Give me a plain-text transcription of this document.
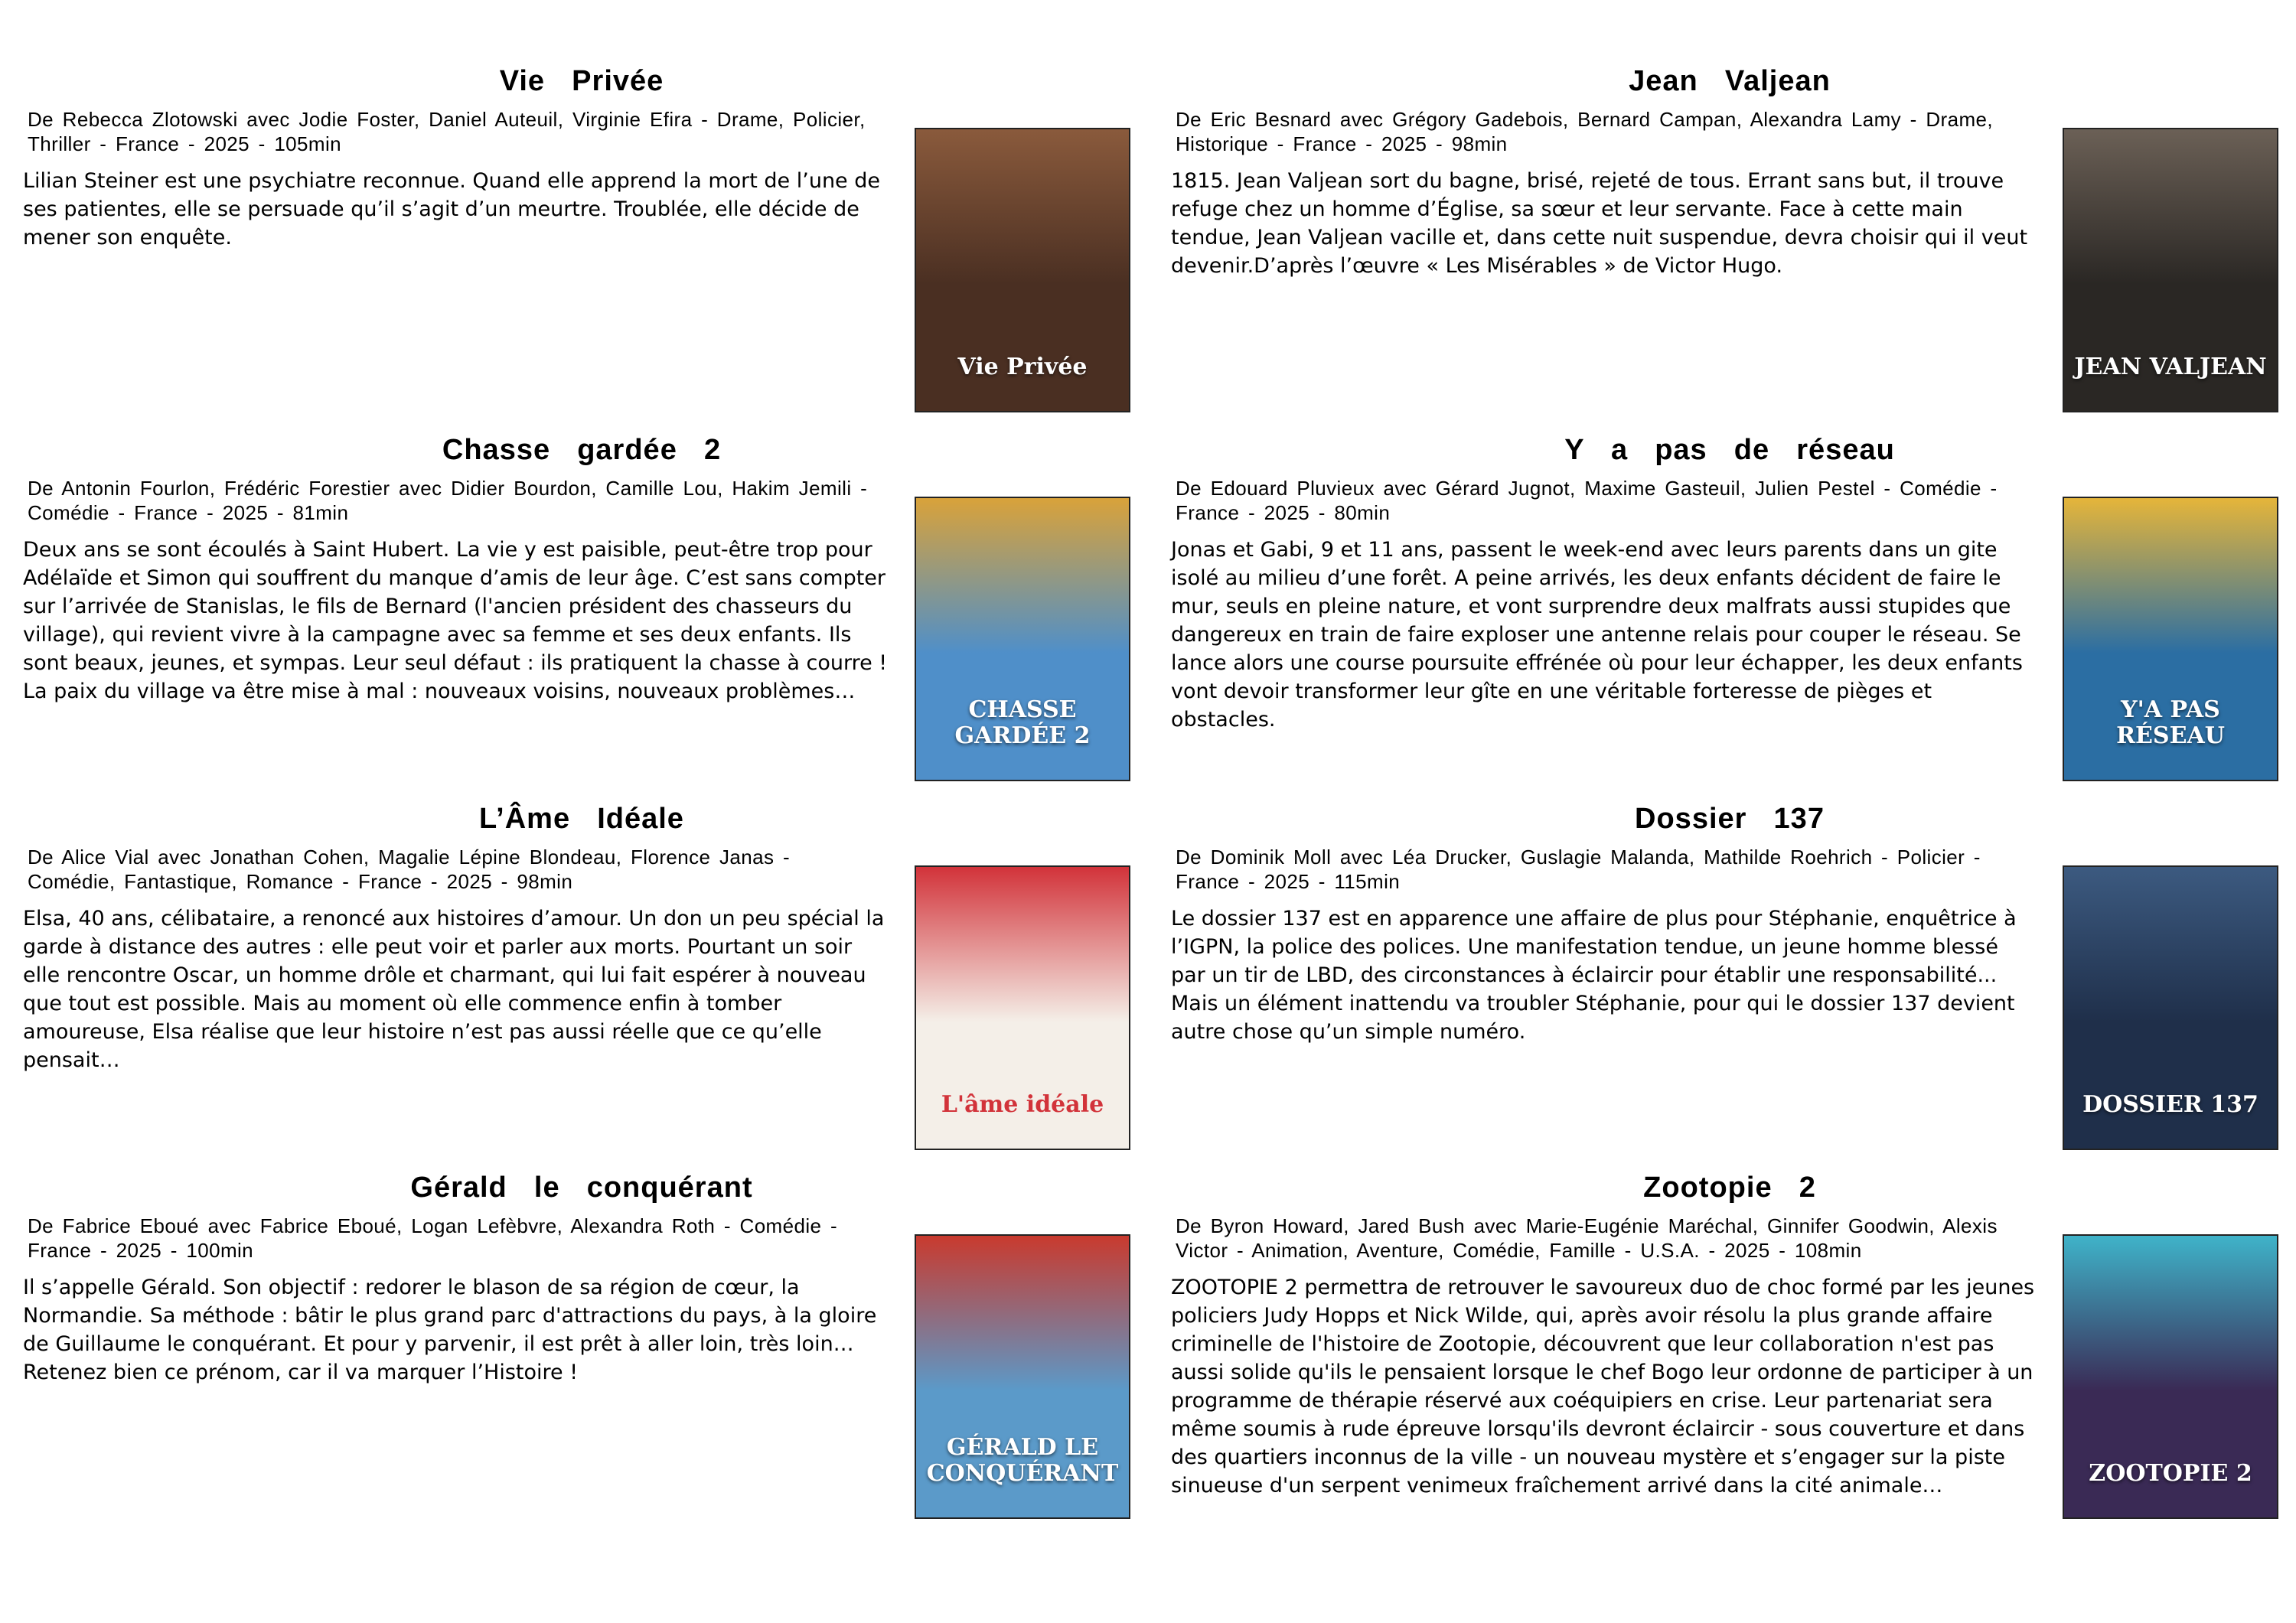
Vie  Privée

De Rebecca Zlotowski avec Jodie Foster, Daniel Auteuil, Virginie Efira - Drame, Policier, Thriller - France - 2025 - 105min

Lilian Steiner est une psychiatre reconnue. Quand elle apprend la mort de l’une de ses patientes, elle se persuade qu’il s’agit d’un meurtre. Troublée, elle décide de mener son enquête.

Vie Privée
Jean  Valjean

De Eric Besnard avec Grégory Gadebois, Bernard Campan, Alexandra Lamy - Drame, Historique - France - 2025 - 98min

1815. Jean Valjean sort du bagne, brisé, rejeté de tous. Errant sans but, il trouve refuge chez un homme d’Église, sa sœur et leur servante. Face à cette main tendue, Jean Valjean vacille et, dans cette nuit suspendue, devra choisir qui il veut devenir.D’après l’œuvre « Les Misérables » de Victor Hugo.

JEAN VALJEAN
Chasse  gardée  2

De Antonin Fourlon, Frédéric Forestier avec Didier Bourdon, Camille Lou, Hakim Jemili - Comédie - France - 2025 - 81min

Deux ans se sont écoulés à Saint Hubert. La vie y est paisible, peut-être trop pour Adélaïde et Simon qui souffrent du manque d’amis de leur âge. C’est sans compter sur l’arrivée de Stanislas, le fils de Bernard (l'ancien président des chasseurs du village), qui revient vivre à la campagne avec sa femme et ses deux enfants. Ils sont beaux, jeunes, et sympas. Leur seul défaut : ils pratiquent la chasse à courre ! La paix du village va être mise à mal : nouveaux voisins, nouveaux problèmes…

CHASSE GARDÉE 2
Y  a  pas  de  réseau

De Edouard Pluvieux avec Gérard Jugnot, Maxime Gasteuil, Julien Pestel - Comédie - France - 2025 - 80min

Jonas et Gabi, 9 et 11 ans, passent le week-end avec leurs parents dans un gite isolé au milieu d’une forêt. A peine arrivés, les deux enfants décident de faire le mur, seuls en pleine nature, et vont surprendre deux malfrats aussi stupides que dangereux en train de faire exploser une antenne relais pour couper le réseau. Se lance alors une course poursuite effrénée où pour leur échapper, les deux enfants vont devoir transformer leur gîte en une véritable forteresse de pièges et obstacles.	Y'A PAS RÉSEAU
L’Âme  Idéale

De Alice Vial avec Jonathan Cohen, Magalie Lépine Blondeau, Florence Janas - Comédie, Fantastique, Romance - France - 2025 - 98min

Elsa, 40 ans, célibataire, a renoncé aux histoires d’amour. Un don un peu spécial la garde à distance des autres : elle peut voir et parler aux morts. Pourtant un soir elle rencontre Oscar, un homme drôle et charmant, qui lui fait espérer à nouveau que tout est possible. Mais au moment où elle commence enfin à tomber amoureuse, Elsa réalise que leur histoire n’est pas aussi réelle que ce qu’elle pensait…

L'âme idéale
Dossier  137

De Dominik Moll avec Léa Drucker, Guslagie Malanda, Mathilde Roehrich - Policier - France - 2025 - 115min

Le dossier 137 est en apparence une affaire de plus pour Stéphanie, enquêtrice à l’IGPN, la police des polices. Une manifestation tendue, un jeune homme blessé par un tir de LBD, des circonstances à éclaircir pour établir une responsabilité... Mais un élément inattendu va troubler Stéphanie, pour qui le dossier 137 devient autre chose qu’un simple numéro.

DOSSIER 137
Gérald  le  conquérant

De Fabrice Eboué avec Fabrice Eboué, Logan Lefèbvre, Alexandra Roth - Comédie - France - 2025 - 100min

Il s’appelle Gérald. Son objectif : redorer le blason de sa région de cœur, la Normandie. Sa méthode : bâtir le plus grand parc d'attractions du pays, à la gloire de Guillaume le conquérant. Et pour y parvenir, il est prêt à aller loin, très loin… Retenez bien ce prénom, car il va marquer l’Histoire !

GÉRALD LE CONQUÉRANT
Zootopie  2

De Byron Howard, Jared Bush avec Marie-Eugénie Maréchal, Ginnifer Goodwin, Alexis Victor - Animation, Aventure, Comédie, Famille - U.S.A. - 2025 - 108min

ZOOTOPIE 2 permettra de retrouver le savoureux duo de choc formé par les jeunes policiers Judy Hopps et Nick Wilde, qui, après avoir résolu la plus grande affaire criminelle de l'histoire de Zootopie, découvrent que leur collaboration n'est pas aussi solide qu'ils le pensaient lorsque le chef Bogo leur ordonne de participer à un programme de thérapie réservé aux coéquipiers en crise. Leur partenariat sera même soumis à rude épreuve lorsqu'ils devront éclaircir - sous couverture et dans des quartiers inconnus de la ville - un nouveau mystère et s’engager sur la piste sinueuse d'un serpent venimeux fraîchement arrivé dans la cité animale…	ZOOTOPIE 2
